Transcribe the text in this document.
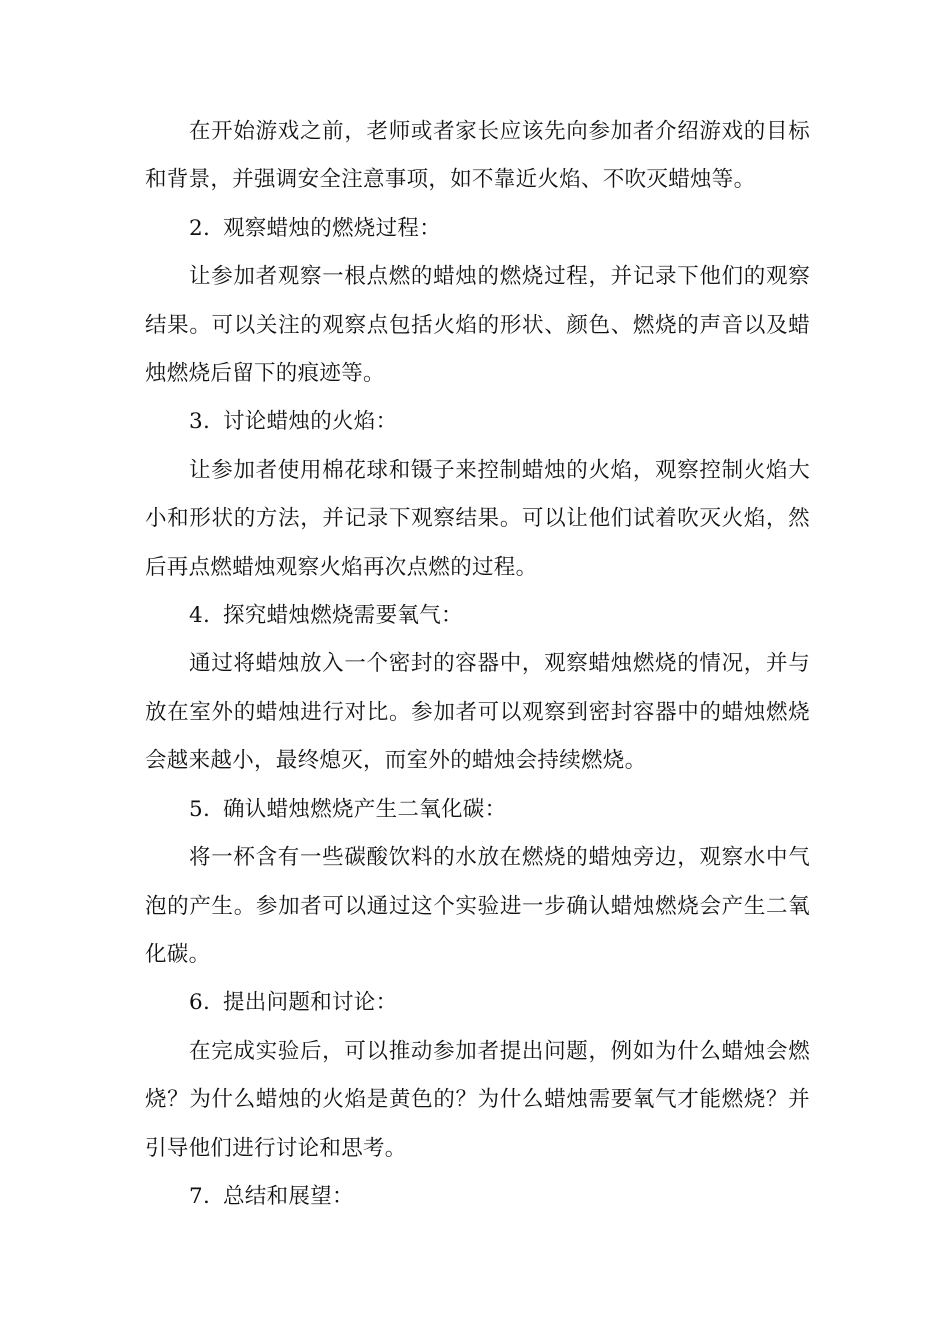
在开始游戏之前，老师或者家长应该先向参加者介绍游戏的目标和背景，并强调安全注意事项，如不靠近火焰、不吹灭蜡烛等。

2. 观察蜡烛的燃烧过程：

让参加者观察一根点燃的蜡烛的燃烧过程，并记录下他们的观察结果。可以关注的观察点包括火焰的形状、颜色、燃烧的声音以及蜡烛燃烧后留下的痕迹等。

3. 讨论蜡烛的火焰：

让参加者使用棉花球和镊子来控制蜡烛的火焰，观察控制火焰大小和形状的方法，并记录下观察结果。可以让他们试着吹灭火焰，然后再点燃蜡烛观察火焰再次点燃的过程。

4. 探究蜡烛燃烧需要氧气：

通过将蜡烛放入一个密封的容器中，观察蜡烛燃烧的情况，并与放在室外的蜡烛进行对比。参加者可以观察到密封容器中的蜡烛燃烧会越来越小，最终熄灭，而室外的蜡烛会持续燃烧。

5. 确认蜡烛燃烧产生二氧化碳：

将一杯含有一些碳酸饮料的水放在燃烧的蜡烛旁边，观察水中气泡的产生。参加者可以通过这个实验进一步确认蜡烛燃烧会产生二氧化碳。

6. 提出问题和讨论：

在完成实验后，可以推动参加者提出问题，例如为什么蜡烛会燃烧？为什么蜡烛的火焰是黄色的？为什么蜡烛需要氧气才能燃烧？并引导他们进行讨论和思考。

7. 总结和展望：
